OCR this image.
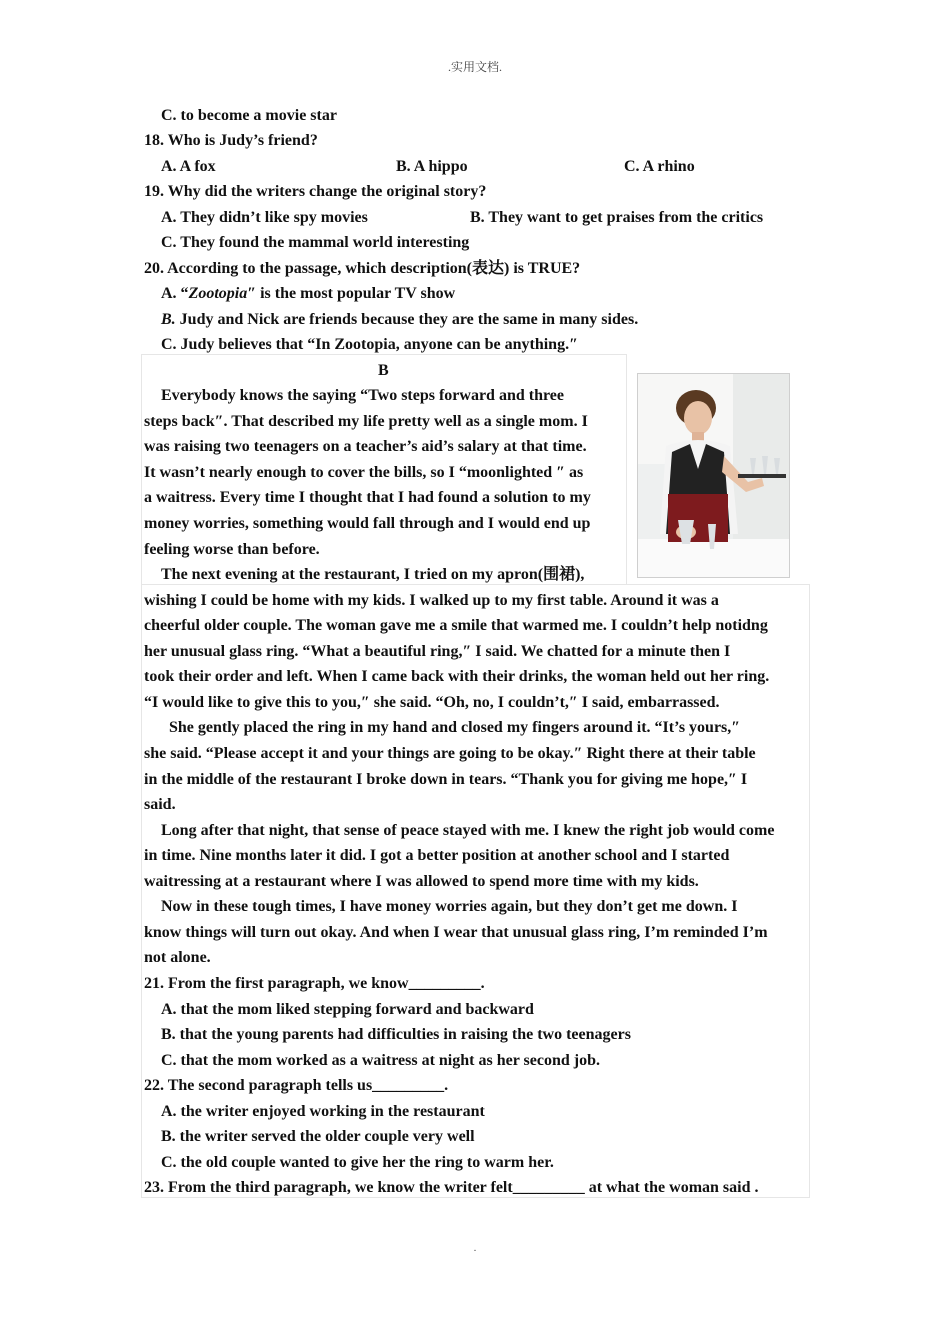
.实用文档.
C. to become a movie star
18. Who is Judy’s friend?
A. A fox	B. A hippo	C. A rhino
19. Why did the writers change the original story?
A. They didn’t like spy movies	B. They want to get praises from the critics
C. They found the mammal world interesting
20. According to the passage, which description(表达) is TRUE?
A. “Zootopia″ is the most popular TV show
B. Judy and Nick are friends because they are the same in many sides.
C. Judy believes that “In Zootopia, anyone can be anything.″
B
Everybody knows the saying “Two steps forward and three
steps back″. That described my life pretty well as a single mom. I
was raising two teenagers on a teacher’s aid’s salary at that time.
It wasn’t nearly enough to cover the bills, so I “moonlighted ″ as
a waitress. Every time I thought that I had found a solution to my
money worries, something would fall through and I would end up
feeling worse than before.
The next evening at the restaurant, I tried on my apron(围裙),
wishing I could be home with my kids. I walked up to my first table. Around it was a
cheerful older couple. The woman gave me a smile that warmed me. I couldn’t help notidng
her unusual glass ring. “What a beautiful ring,″ I said. We chatted for a minute then I
took their order and left. When I came back with their drinks, the woman held out her ring.
“I would like to give this to you,″ she said. “Oh, no, I couldn’t,″ I said, embarrassed.
She gently placed the ring in my hand and closed my fingers around it. “It’s yours,″
she said. “Please accept it and your things are going to be okay.″ Right there at their table
in the middle of the restaurant I broke down in tears. “Thank you for giving me hope,″ I
said.
Long after that night, that sense of peace stayed with me. I knew the right job would come
in time. Nine months later it did. I got a better position at another school and I started
waitressing at a restaurant where I was allowed to spend more time with my kids.
Now in these tough times, I have money worries again, but they don’t get me down. I
know things will turn out okay. And when I wear that unusual glass ring, I’m reminded I’m
not alone.
21. From the first paragraph, we know_________.
A. that the mom liked stepping forward and backward
B. that the young parents had difficulties in raising the two teenagers
C. that the mom worked as a waitress at night as her second job.
22. The second paragraph tells us_________.
A. the writer enjoyed working in the restaurant
B. the writer served the older couple very well
C. the old couple wanted to give her the ring to warm her.
23. From the third paragraph, we know the writer felt_________ at what the woman said .
.
